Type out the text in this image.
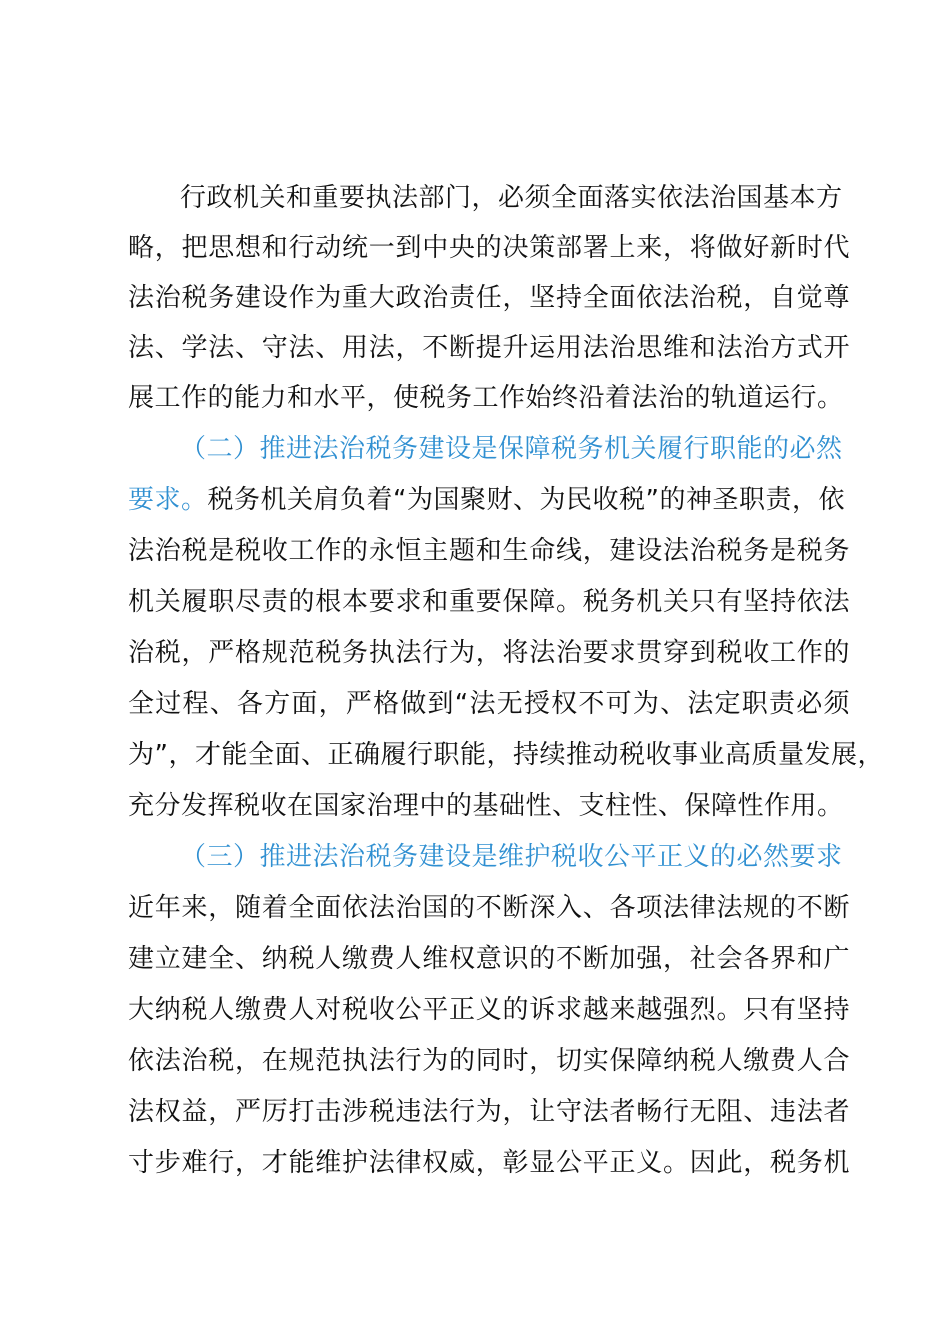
行政机关和重要执法部门，必须全面落实依法治国基本方
略，把思想和行动统一到中央的决策部署上来，将做好新时代
法治税务建设作为重大政治责任，坚持全面依法治税，自觉尊
法、学法、守法、用法，不断提升运用法治思维和法治方式开
展工作的能力和水平，使税务工作始终沿着法治的轨道运行。
（二）推进法治税务建设是保障税务机关履行职能的必然
要求。税务机关肩负着“为国聚财、为民收税”的神圣职责，依
法治税是税收工作的永恒主题和生命线，建设法治税务是税务
机关履职尽责的根本要求和重要保障。税务机关只有坚持依法
治税，严格规范税务执法行为，将法治要求贯穿到税收工作的
全过程、各方面，严格做到“法无授权不可为、法定职责必须
为”，才能全面、正确履行职能，持续推动税收事业高质量发展，
充分发挥税收在国家治理中的基础性、支柱性、保障性作用。
（三）推进法治税务建设是维护税收公平正义的必然要求
近年来，随着全面依法治国的不断深入、各项法律法规的不断
建立建全、纳税人缴费人维权意识的不断加强，社会各界和广
大纳税人缴费人对税收公平正义的诉求越来越强烈。只有坚持
依法治税，在规范执法行为的同时，切实保障纳税人缴费人合
法权益，严厉打击涉税违法行为，让守法者畅行无阻、违法者
寸步难行，才能维护法律权威，彰显公平正义。因此，税务机
